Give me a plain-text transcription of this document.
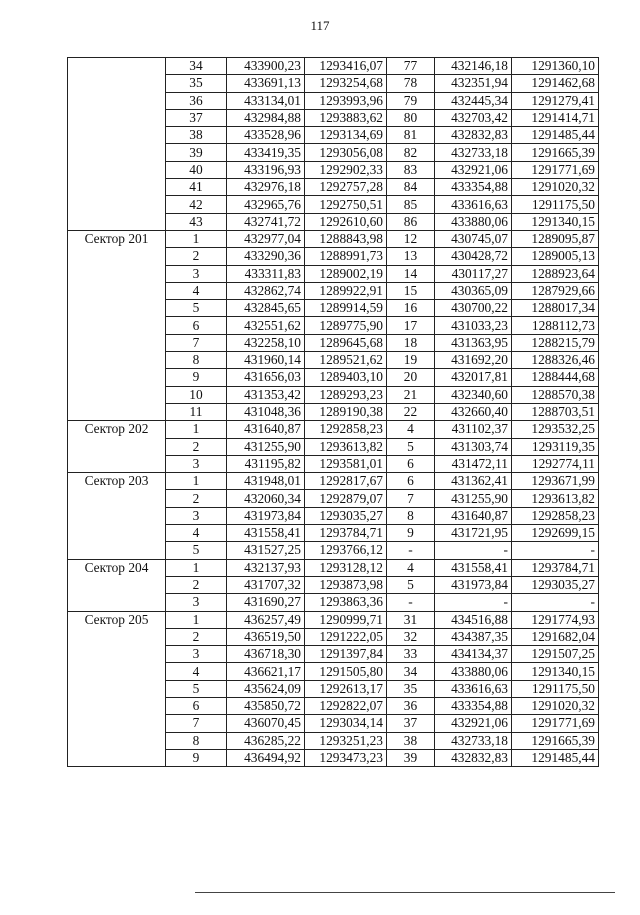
117
	34	433900,23	1293416,07	77	432146,18	1291360,10
	35	433691,13	1293254,68	78	432351,94	1291462,68
	36	433134,01	1293993,96	79	432445,34	1291279,41
	37	432984,88	1293883,62	80	432703,42	1291414,71
	38	433528,96	1293134,69	81	432832,83	1291485,44
	39	433419,35	1293056,08	82	432733,18	1291665,39
	40	433196,93	1292902,33	83	432921,06	1291771,69
	41	432976,18	1292757,28	84	433354,88	1291020,32
	42	432965,76	1292750,51	85	433616,63	1291175,50
	43	432741,72	1292610,60	86	433880,06	1291340,15
Сектор 201	1	432977,04	1288843,98	12	430745,07	1289095,87
	2	433290,36	1288991,73	13	430428,72	1289005,13
	3	433311,83	1289002,19	14	430117,27	1288923,64
	4	432862,74	1289922,91	15	430365,09	1287929,66
	5	432845,65	1289914,59	16	430700,22	1288017,34
	6	432551,62	1289775,90	17	431033,23	1288112,73
	7	432258,10	1289645,68	18	431363,95	1288215,79
	8	431960,14	1289521,62	19	431692,20	1288326,46
	9	431656,03	1289403,10	20	432017,81	1288444,68
	10	431353,42	1289293,23	21	432340,60	1288570,38
	11	431048,36	1289190,38	22	432660,40	1288703,51
Сектор 202	1	431640,87	1292858,23	4	431102,37	1293532,25
	2	431255,90	1293613,82	5	431303,74	1293119,35
	3	431195,82	1293581,01	6	431472,11	1292774,11
Сектор 203	1	431948,01	1292817,67	6	431362,41	1293671,99
	2	432060,34	1292879,07	7	431255,90	1293613,82
	3	431973,84	1293035,27	8	431640,87	1292858,23
	4	431558,41	1293784,71	9	431721,95	1292699,15
	5	431527,25	1293766,12	-	-	-
Сектор 204	1	432137,93	1293128,12	4	431558,41	1293784,71
	2	431707,32	1293873,98	5	431973,84	1293035,27
	3	431690,27	1293863,36	-	-	-
Сектор 205	1	436257,49	1290999,71	31	434516,88	1291774,93
	2	436519,50	1291222,05	32	434387,35	1291682,04
	3	436718,30	1291397,84	33	434134,37	1291507,25
	4	436621,17	1291505,80	34	433880,06	1291340,15
	5	435624,09	1292613,17	35	433616,63	1291175,50
	6	435850,72	1292822,07	36	433354,88	1291020,32
	7	436070,45	1293034,14	37	432921,06	1291771,69
	8	436285,22	1293251,23	38	432733,18	1291665,39
	9	436494,92	1293473,23	39	432832,83	1291485,44
